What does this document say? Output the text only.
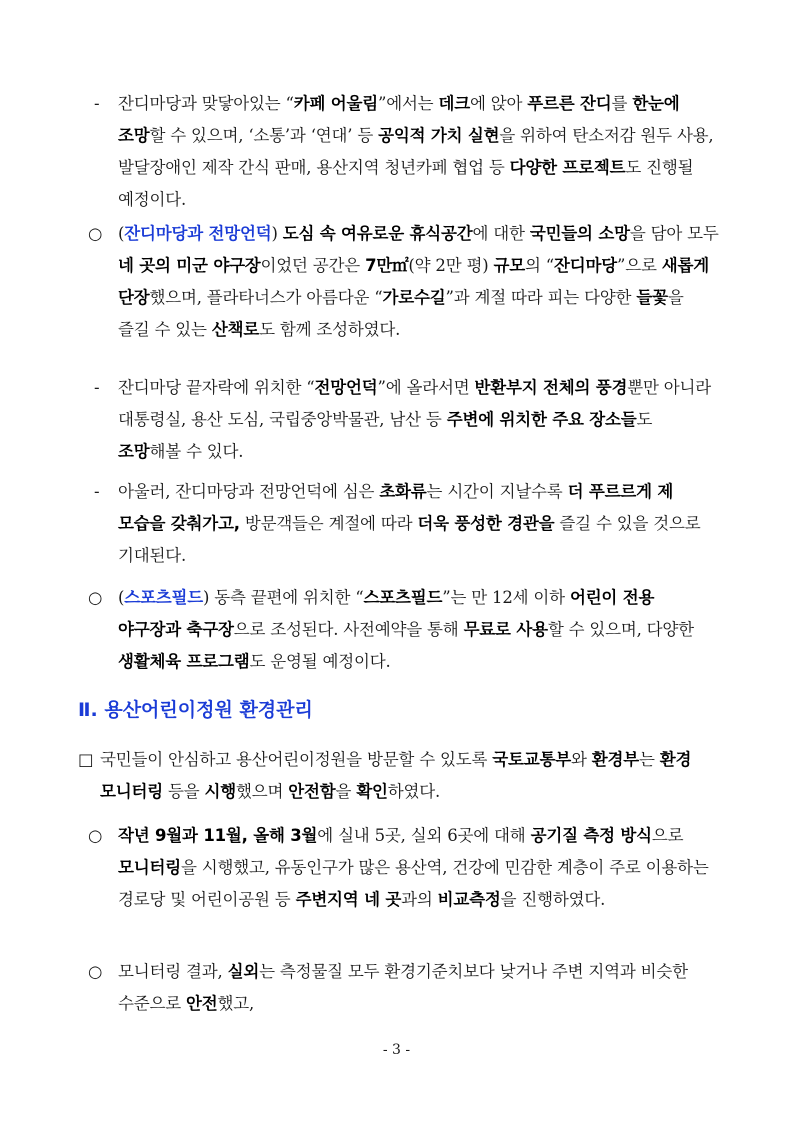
- 잔디마당과 맞닿아있는 “카페 어울림”에서는 데크에 앉아 푸르른 잔디를 한눈에 조망할 수 있으며, ‘소통’과 ‘연대’ 등 공익적 가치 실현을 위하여 탄소저감 원두 사용, 발달장애인 제작 간식 판매, 용산지역 청년카페 협업 등 다양한 프로젝트도 진행될 예정이다.
○ (잔디마당과 전망언덕) 도심 속 여유로운 휴식공간에 대한 국민들의 소망을 담아 모두 네 곳의 미군 야구장이었던 공간은 7만㎡(약 2만 평) 규모의 “잔디마당”으로 새롭게 단장했으며, 플라타너스가 아름다운 “가로수길”과 계절 따라 피는 다양한 들꽃을 즐길 수 있는 산책로도 함께 조성하였다.
- 잔디마당 끝자락에 위치한 “전망언덕”에 올라서면 반환부지 전체의 풍경뿐만 아니라 대통령실, 용산 도심, 국립중앙박물관, 남산 등 주변에 위치한 주요 장소들도 조망해볼 수 있다.
- 아울러, 잔디마당과 전망언덕에 심은 초화류는 시간이 지날수록 더 푸르르게 제 모습을 갖춰가고, 방문객들은 계절에 따라 더욱 풍성한 경관을 즐길 수 있을 것으로 기대된다.
○ (스포츠필드) 동측 끝편에 위치한 “스포츠필드”는 만 12세 이하 어린이 전용 야구장과 축구장으로 조성된다. 사전예약을 통해 무료로 사용할 수 있으며, 다양한 생활체육 프로그램도 운영될 예정이다.
Ⅱ. 용산어린이정원 환경관리
□ 국민들이 안심하고 용산어린이정원을 방문할 수 있도록 국토교통부와 환경부는 환경 모니터링 등을 시행했으며 안전함을 확인하였다.
○ 작년 9월과 11월, 올해 3월에 실내 5곳, 실외 6곳에 대해 공기질 측정 방식으로 모니터링을 시행했고, 유동인구가 많은 용산역, 건강에 민감한 계층이 주로 이용하는 경로당 및 어린이공원 등 주변지역 네 곳과의 비교측정을 진행하였다.
○ 모니터링 결과, 실외는 측정물질 모두 환경기준치보다 낮거나 주변 지역과 비슷한 수준으로 안전했고,
- 3 -
